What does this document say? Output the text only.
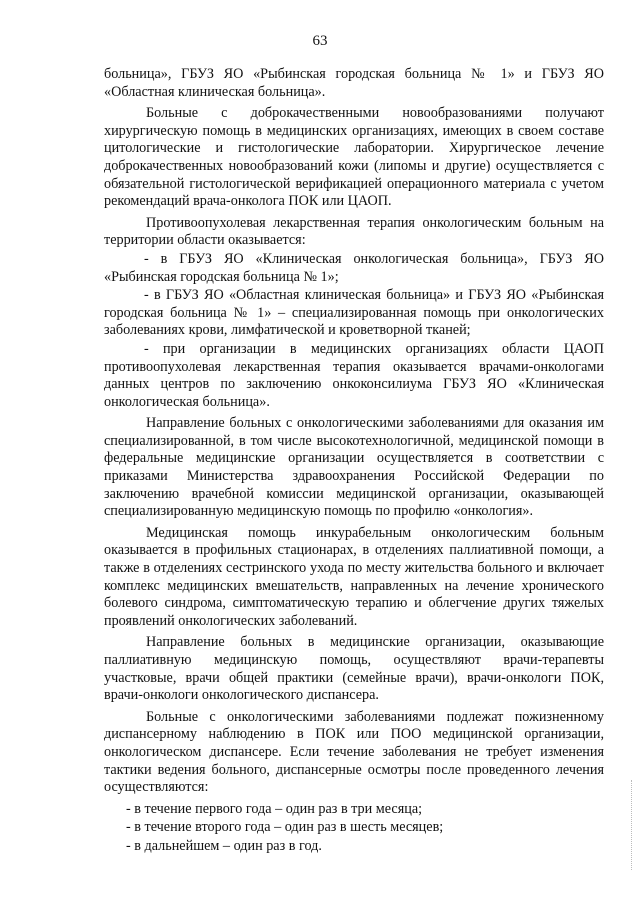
63

больница», ГБУЗ ЯО «Рыбинская городская больница № 1» и ГБУЗ ЯО «Областная клиническая больница».

Больные с доброкачественными новообразованиями получают хирургическую помощь в медицинских организациях, имеющих в своем составе цитологические и гистологические лаборатории. Хирургическое лечение доброкачественных новообразований кожи (липомы и другие) осуществляется с обязательной гистологической верификацией операционного материала с учетом рекомендаций врача-онколога ПОК или ЦАОП.

Противоопухолевая лекарственная терапия онкологическим больным на территории области оказывается:

- в ГБУЗ ЯО «Клиническая онкологическая больница», ГБУЗ ЯО «Рыбинская городская больница № 1»;

- в ГБУЗ ЯО «Областная клиническая больница» и ГБУЗ ЯО «Рыбинская городская больница № 1» – специализированная помощь при онкологических заболеваниях крови, лимфатической и кроветворной тканей;

- при организации в медицинских организациях области ЦАОП противоопухолевая лекарственная терапия оказывается врачами-онкологами данных центров по заключению онкоконсилиума ГБУЗ ЯО «Клиническая онкологическая больница».

Направление больных с онкологическими заболеваниями для оказания им специализированной, в том числе высокотехнологичной, медицинской помощи в федеральные медицинские организации осуществляется в соответствии с приказами Министерства здравоохранения Российской Федерации по заключению врачебной комиссии медицинской организации, оказывающей специализированную медицинскую помощь по профилю «онкология».

Медицинская помощь инкурабельным онкологическим больным оказывается в профильных стационарах, в отделениях паллиативной помощи, а также в отделениях сестринского ухода по месту жительства больного и включает комплекс медицинских вмешательств, направленных на лечение хронического болевого синдрома, симптоматическую терапию и облегчение других тяжелых проявлений онкологических заболеваний.

Направление больных в медицинские организации, оказывающие паллиативную медицинскую помощь, осуществляют врачи-терапевты участковые, врачи общей практики (семейные врачи), врачи-онкологи ПОК, врачи-онкологи онкологического диспансера.

Больные с онкологическими заболеваниями подлежат пожизненному диспансерному наблюдению в ПОК или ПОО медицинской организации, онкологическом диспансере. Если течение заболевания не требует изменения тактики ведения больного, диспансерные осмотры после проведенного лечения осуществляются:

- в течение первого года – один раз в три месяца;

- в течение второго года – один раз в шесть месяцев;

- в дальнейшем – один раз в год.
